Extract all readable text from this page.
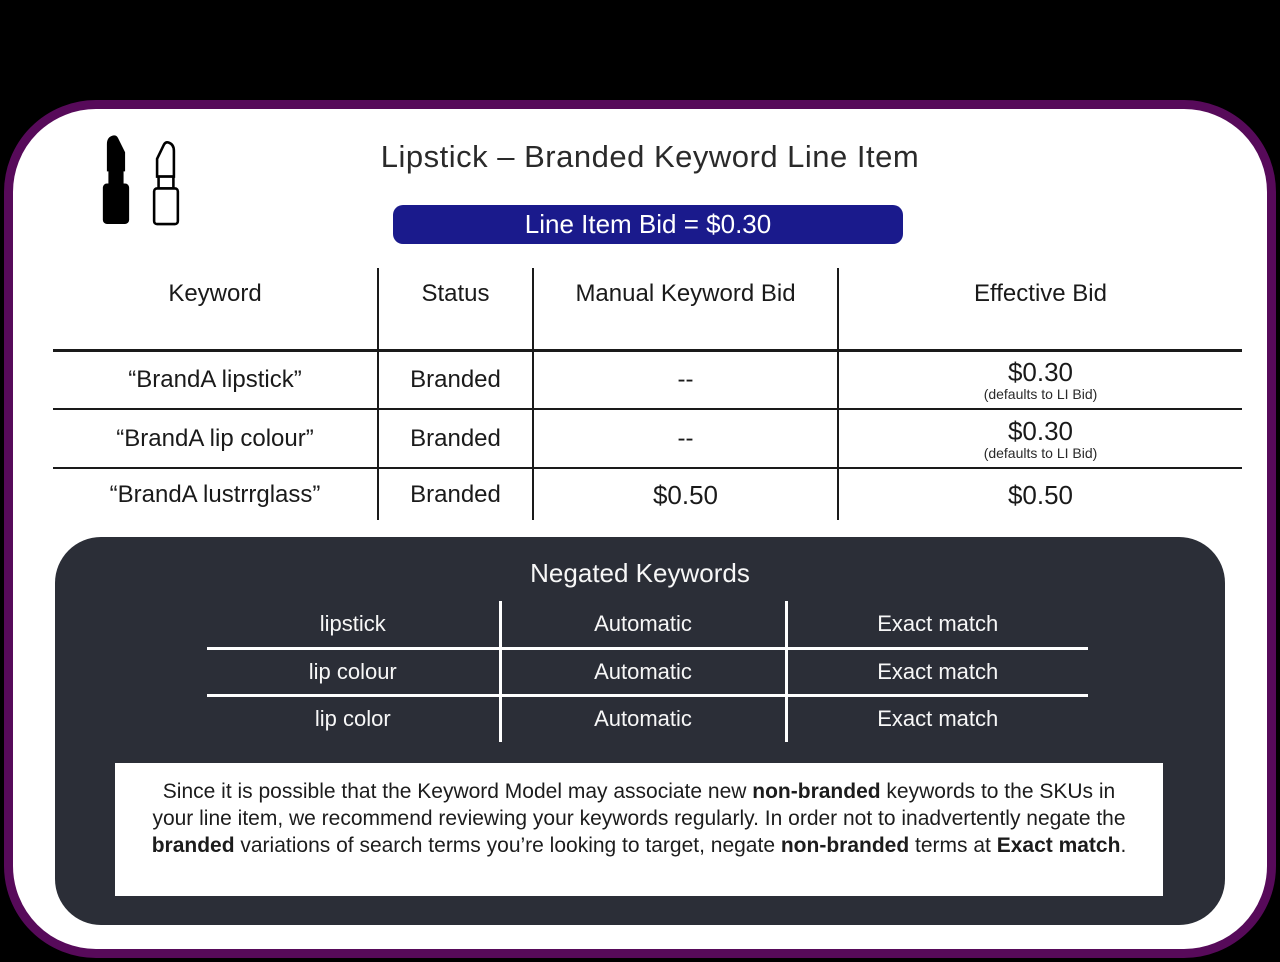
Lipstick – Branded Keyword Line Item
Line Item Bid = $0.30
Keyword	Status	Manual Keyword Bid	Effective Bid
“BrandA lipstick”	Branded	--	$0.30
(defaults to LI Bid)

“BrandA lip colour”	Branded	--	$0.30
(defaults to LI Bid)

“BrandA lustrrglass”	Branded	$0.50	$0.50
Negated Keywords
lipstick	Automatic	Exact match
lip colour	Automatic	Exact match
lip color	Automatic	Exact match

Since it is possible that the Keyword Model may associate new non-branded keywords to the SKUs in your line item, we recommend reviewing your keywords regularly. In order not to inadvertently negate the branded variations of search terms you’re looking to target, negate non-branded terms at Exact match.
